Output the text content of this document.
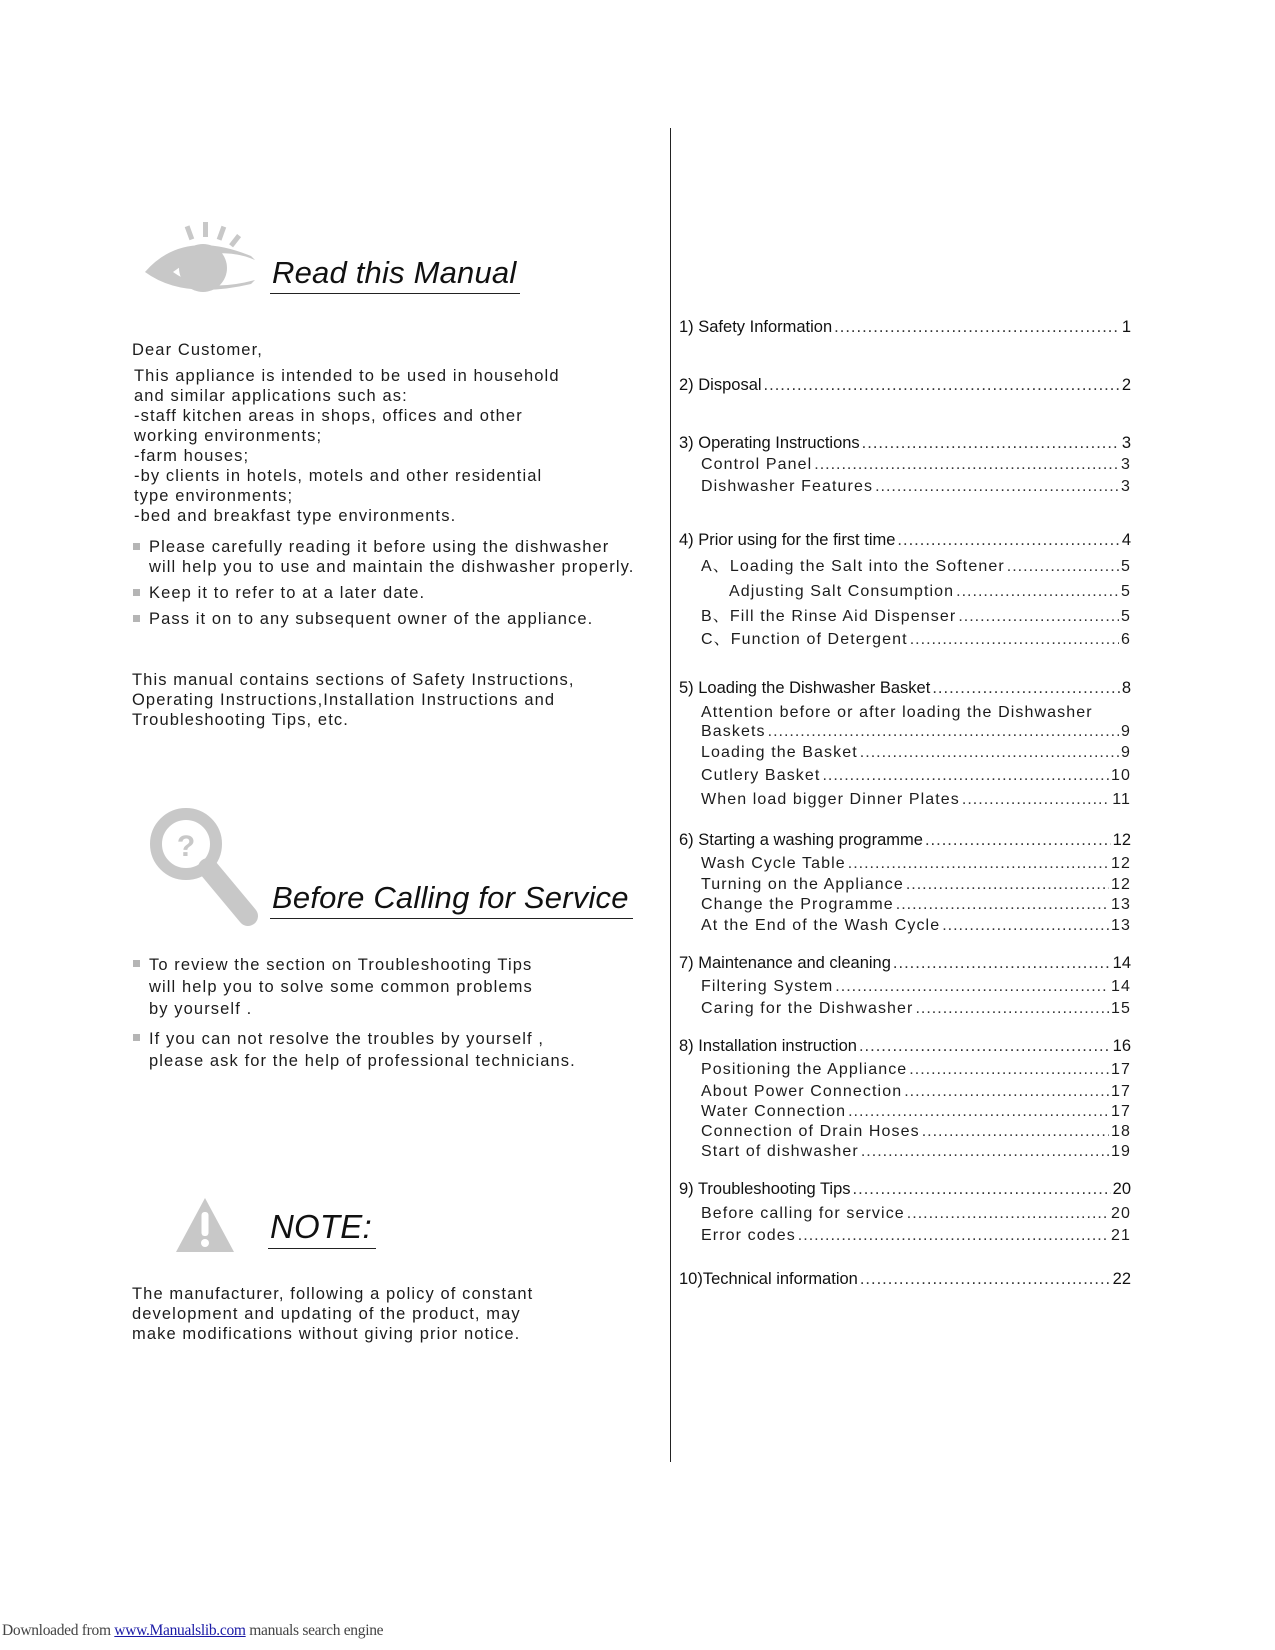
Read this Manual
Dear Customer,
This appliance is intended to be used in household
and similar applications such as:
-staff kitchen areas in shops, offices and other
working environments;
-farm houses;
-by clients in hotels, motels and other residential
type environments;
-bed and breakfast type environments.
Please carefully reading it before using the dishwasher
will help you to use and maintain the dishwasher properly.
Keep it to refer to at a later date.
Pass it on to any subsequent owner of the appliance.
This manual contains sections of Safety Instructions,
Operating Instructions,Installation Instructions and
Troubleshooting Tips, etc.
?
Before Calling for Service
To review the section on Troubleshooting Tips
will help you to solve some common problems
by yourself .
If you can not resolve the troubles by yourself ,
please ask for the help of professional technicians.
NOTE:
The manufacturer, following a policy of constant
development and updating of the product, may
make modifications without giving prior notice.
1) Safety Information .....	1
2) Disposal .....	2
3) Operating Instructions .....	3
Control Panel .....	3
Dishwasher Features .....	3
4) Prior using for the first time .....	4
A、Loading the Salt into the Softener .....	5
Adjusting Salt Consumption .....	5
B、Fill the Rinse Aid Dispenser .....	5
C、Function of Detergent .....	6
5) Loading the Dishwasher Basket .....	8
Attention before or after loading the Dishwasher
Baskets .....	9
Loading the Basket .....	9
Cutlery Basket .....	10
When load bigger Dinner Plates .....	11
6) Starting a washing programme .....	12
Wash Cycle Table .....	12
Turning on the Appliance .....	12
Change the Programme .....	13
At the End of the Wash Cycle .....	13
7) Maintenance and cleaning .....	14
Filtering System .....	14
Caring for the Dishwasher .....	15
8) Installation instruction .....	16
Positioning the Appliance .....	17
About Power Connection .....	17
Water Connection .....	17
Connection of Drain Hoses .....	18
Start of dishwasher .....	19
9) Troubleshooting Tips .....	20
Before calling for service .....	20
Error codes .....	21
10)Technical information .....	22
Downloaded from www.Manualslib.com manuals search engine
